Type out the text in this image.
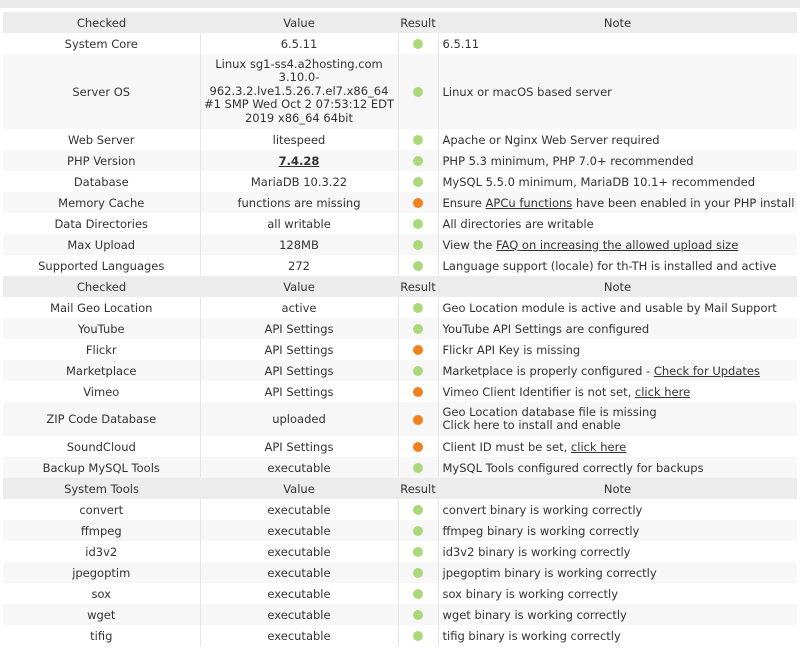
Checked	Value	Result	Note
System Core	6.5.11		6.5.11
Server OS	Linux sg1-ss4.a2hosting.com
3.10.0-
962.3.2.lve1.5.26.7.el7.x86_64
#1 SMP Wed Oct 2 07:53:12 EDT
2019 x86_64 64bit		Linux or macOS based server
Web Server	litespeed		Apache or Nginx Web Server required
PHP Version	7.4.28		PHP 5.3 minimum, PHP 7.0+ recommended
Database	MariaDB 10.3.22		MySQL 5.5.0 minimum, MariaDB 10.1+ recommended
Memory Cache	functions are missing		Ensure APCu functions have been enabled in your PHP install
Data Directories	all writable		All directories are writable
Max Upload	128MB		View the FAQ on increasing the allowed upload size
Supported Languages	272		Language support (locale) for th-TH is installed and active
Checked	Value	Result	Note
Mail Geo Location	active		Geo Location module is active and usable by Mail Support
YouTube	API Settings		YouTube API Settings are configured
Flickr	API Settings		Flickr API Key is missing
Marketplace	API Settings		Marketplace is properly configured - Check for Updates
Vimeo	API Settings		Vimeo Client Identifier is not set, click here
ZIP Code Database	uploaded		Geo Location database file is missing
Click here to install and enable

SoundCloud	API Settings		Client ID must be set, click here
Backup MySQL Tools	executable		MySQL Tools configured correctly for backups
System Tools	Value	Result	Note
convert	executable		convert binary is working correctly
ffmpeg	executable		ffmpeg binary is working correctly
id3v2	executable		id3v2 binary is working correctly
jpegoptim	executable		jpegoptim binary is working correctly
sox	executable		sox binary is working correctly
wget	executable		wget binary is working correctly
tifig	executable		tifig binary is working correctly
